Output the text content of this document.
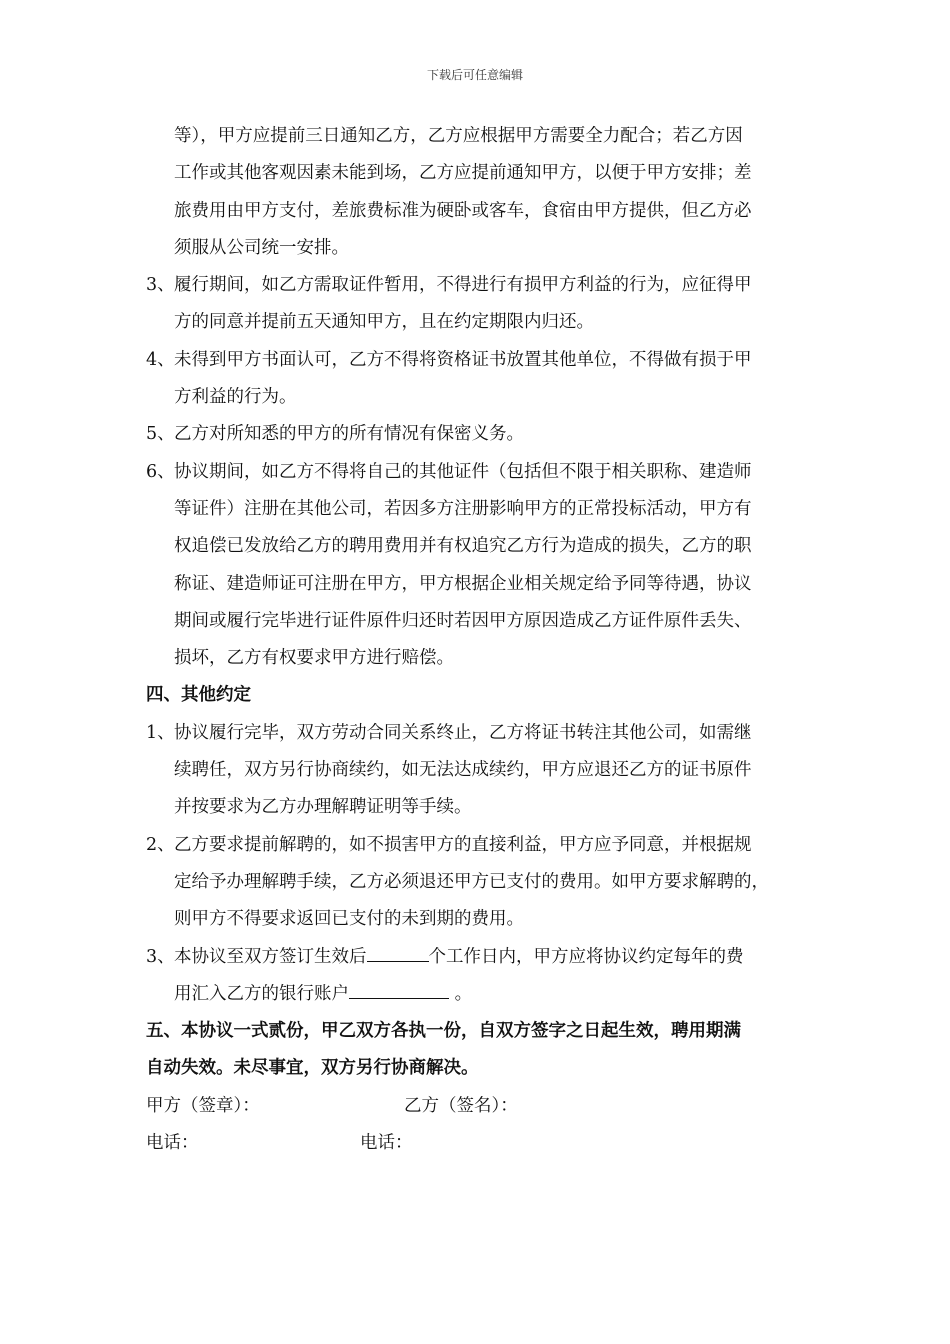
下载后可任意编辑
等），甲方应提前三日通知乙方，乙方应根据甲方需要全力配合；若乙方因
工作或其他客观因素未能到场，乙方应提前通知甲方，以便于甲方安排；差
旅费用由甲方支付，差旅费标准为硬卧或客车，食宿由甲方提供，但乙方必
须服从公司统一安排。
3、 履行期间，如乙方需取证件暂用，不得进行有损甲方利益的行为，应征得甲
方的同意并提前五天通知甲方，且在约定期限内归还。
4、 未得到甲方书面认可，乙方不得将资格证书放置其他单位，不得做有损于甲
方利益的行为。
5、 乙方对所知悉的甲方的所有情况有保密义务。
6、 协议期间，如乙方不得将自己的其他证件（包括但不限于相关职称、建造师
等证件）注册在其他公司，若因多方注册影响甲方的正常投标活动，甲方有
权追偿已发放给乙方的聘用费用并有权追究乙方行为造成的损失，乙方的职
称证、建造师证可注册在甲方，甲方根据企业相关规定给予同等待遇，协议
期间或履行完毕进行证件原件归还时若因甲方原因造成乙方证件原件丢失、
损坏，乙方有权要求甲方进行赔偿。
四、其他约定
1、 协议履行完毕，双方劳动合同关系终止，乙方将证书转注其他公司，如需继
续聘任，双方另行协商续约，如无法达成续约，甲方应退还乙方的证书原件
并按要求为乙方办理解聘证明等手续。
2、 乙方要求提前解聘的，如不损害甲方的直接利益，甲方应予同意，并根据规
定给予办理解聘手续，乙方必须退还甲方已支付的费用。如甲方要求解聘的，
则甲方不得要求返回已支付的未到期的费用。
3、 本协议至双方签订生效后	个工作日内，甲方应将协议约定每年的费
用汇入乙方的银行账户	。
五、本协议一式贰份，甲乙双方各执一份，自双方签字之日起生效，聘用期满
自动失效。未尽事宜，双方另行协商解决。
甲方（签章）：	乙方（签名）：
电话：	电话：
